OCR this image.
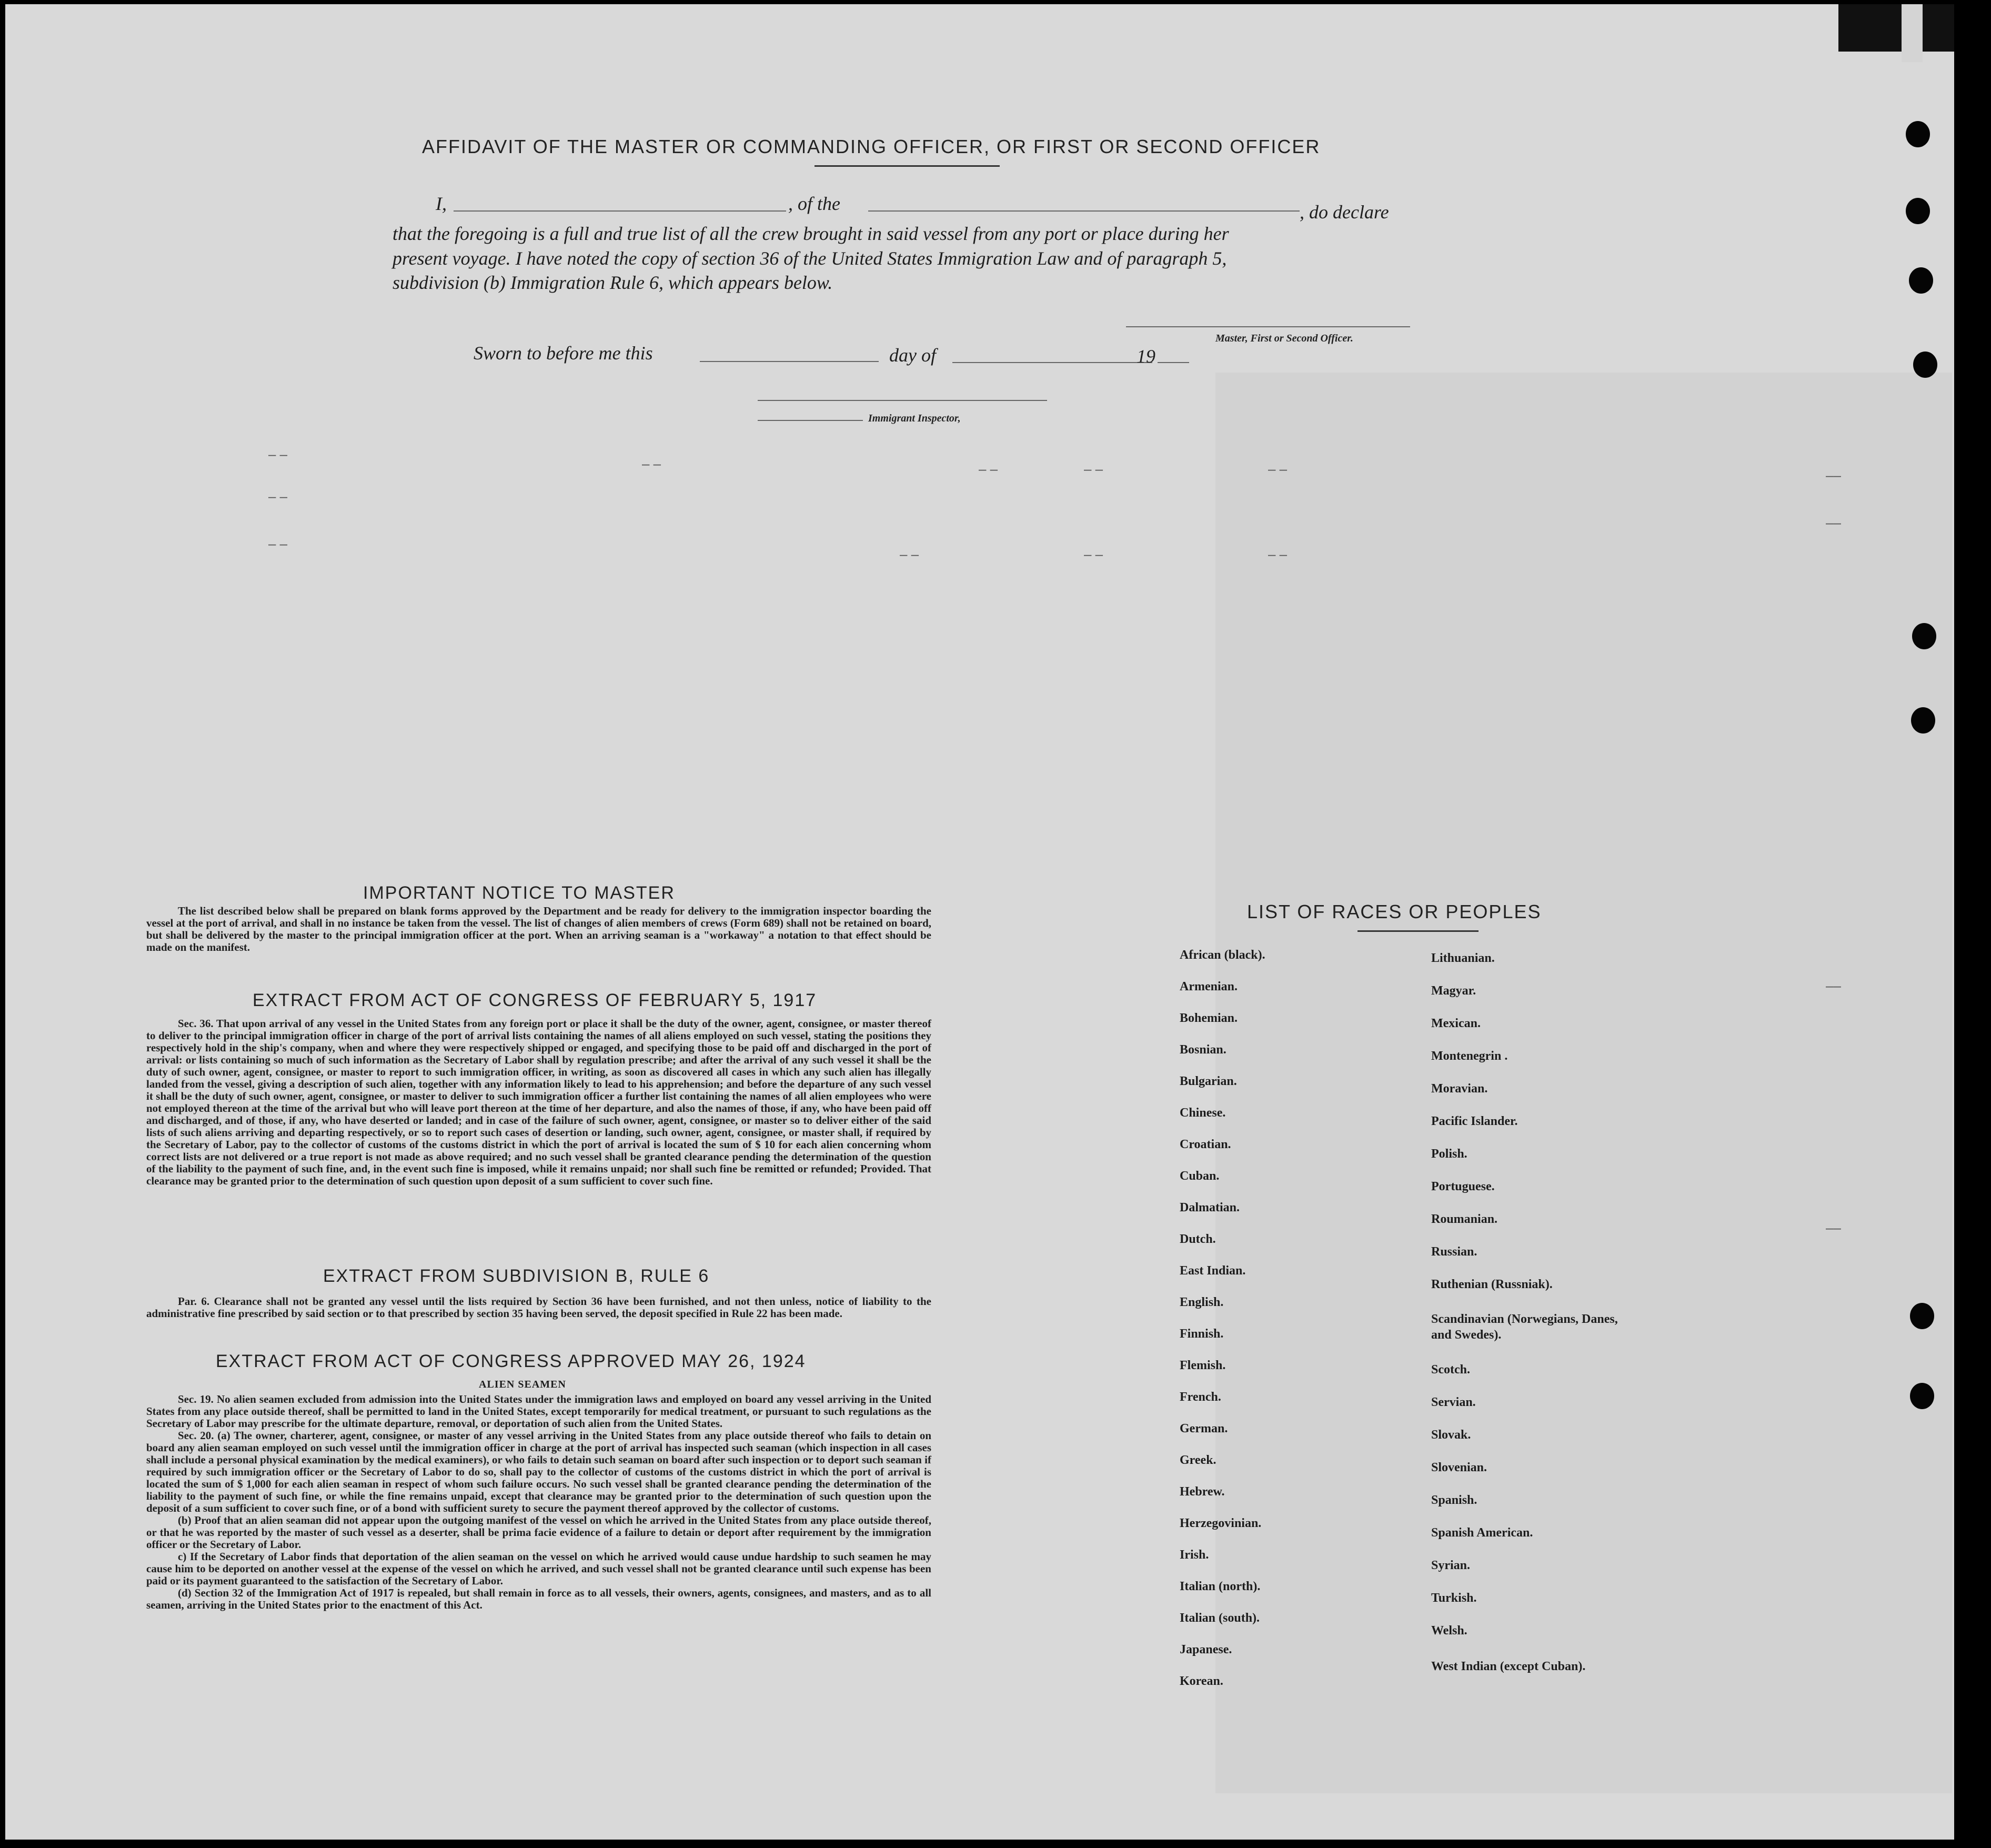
AFFIDAVIT OF THE MASTER OR COMMANDING OFFICER, OR FIRST OR SECOND OFFICER
I,	, of the	, do declare
that the foregoing is a full and true list of all the crew brought in said vessel from any port or place during her
present voyage. I have noted the copy of section 36 of the United States Immigration Law and of paragraph 5,
subdivision (b) Immigration Rule 6, which appears below.
Master, First or Second Officer.
Sworn to before me this	day of	19
Immigrant Inspector,
– –
– –
– –
– –	– –	– –	– –
– –	– –	– –
––
––
––
––
IMPORTANT NOTICE TO MASTER

The list described below shall be prepared on blank forms approved by the Department and be ready for delivery to the immigration inspector boarding the vessel at the port of arrival, and shall in no instance be taken from the vessel. The list of changes of alien members of crews (Form 689) shall not be retained on board, but shall be delivered by the master to the principal immigration officer at the port. When an arriving seaman is a "workaway" a notation to that effect should be made on the manifest.

EXTRACT FROM ACT OF CONGRESS OF FEBRUARY 5, 1917

Sec. 36. That upon arrival of any vessel in the United States from any foreign port or place it shall be the duty of the owner, agent, consignee, or master thereof to deliver to the principal immigration officer in charge of the port of arrival lists containing the names of all aliens employed on such vessel, stating the positions they respectively hold in the ship's company, when and where they were respectively shipped or engaged, and specifying those to be paid off and discharged in the port of arrival: or lists containing so much of such information as the Secretary of Labor shall by regulation prescribe; and after the arrival of any such vessel it shall be the duty of such owner, agent, consignee, or master to report to such immigration officer, in writing, as soon as discovered all cases in which any such alien has illegally landed from the vessel, giving a description of such alien, together with any information likely to lead to his apprehension; and before the departure of any such vessel it shall be the duty of such owner, agent, consignee, or master to deliver to such immigration officer a further list containing the names of all alien employees who were not employed thereon at the time of the arrival but who will leave port thereon at the time of her departure, and also the names of those, if any, who have been paid off and discharged, and of those, if any, who have deserted or landed; and in case of the failure of such owner, agent, consignee, or master so to deliver either of the said lists of such aliens arriving and departing respectively, or so to report such cases of desertion or landing, such owner, agent, consignee, or master shall, if required by the Secretary of Labor, pay to the collector of customs of the customs district in which the port of arrival is located the sum of $ 10 for each alien concerning whom correct lists are not delivered or a true report is not made as above required; and no such vessel shall be granted clearance pending the determination of the question of the liability to the payment of such fine, and, in the event such fine is imposed, while it remains unpaid; nor shall such fine be remitted or refunded; Provided. That clearance may be granted prior to the determination of such question upon deposit of a sum sufficient to cover such fine.

EXTRACT FROM SUBDIVISION B, RULE 6

Par. 6. Clearance shall not be granted any vessel until the lists required by Section 36 have been furnished, and not then unless, notice of liability to the administrative fine prescribed by said section or to that prescribed by section 35 having been served, the deposit specified in Rule 22 has been made.

EXTRACT FROM ACT OF CONGRESS APPROVED MAY 26, 1924
ALIEN SEAMEN

Sec. 19. No alien seamen excluded from admission into the United States under the immigration laws and employed on board any vessel arriving in the United States from any place outside thereof, shall be permitted to land in the United States, except temporarily for medical treatment, or pursuant to such regulations as the Secretary of Labor may prescribe for the ultimate departure, removal, or deportation of such alien from the United States.

Sec. 20. (a) The owner, charterer, agent, consignee, or master of any vessel arriving in the United States from any place outside thereof who fails to detain on board any alien seaman employed on such vessel until the immigration officer in charge at the port of arrival has inspected such seaman (which inspection in all cases shall include a personal physical examination by the medical examiners), or who fails to detain such seaman on board after such inspection or to deport such seaman if required by such immigration officer or the Secretary of Labor to do so, shall pay to the collector of customs of the customs district in which the port of arrival is located the sum of $ 1,000 for each alien seaman in respect of whom such failure occurs. No such vessel shall be granted clearance pending the determination of the liability to the payment of such fine, or while the fine remains unpaid, except that clearance may be granted prior to the determination of such question upon the deposit of a sum sufficient to cover such fine, or of a bond with sufficient surety to secure the payment thereof approved by the collector of customs.

(b) Proof that an alien seaman did not appear upon the outgoing manifest of the vessel on which he arrived in the United States from any place outside thereof, or that he was reported by the master of such vessel as a deserter, shall be prima facie evidence of a failure to detain or deport after requirement by the immigration officer or the Secretary of Labor.

c) If the Secretary of Labor finds that deportation of the alien seaman on the vessel on which he arrived would cause undue hardship to such seamen he may cause him to be deported on another vessel at the expense of the vessel on which he arrived, and such vessel shall not be granted clearance until such expense has been paid or its payment guaranteed to the satisfaction of the Secretary of Labor.

(d) Section 32 of the Immigration Act of 1917 is repealed, but shall remain in force as to all vessels, their owners, agents, consignees, and masters, and as to all seamen, arriving in the United States prior to the enactment of this Act.

LIST OF RACES OR PEOPLES
African (black).
Armenian.
Bohemian.
Bosnian.
Bulgarian.
Chinese.
Croatian.
Cuban.
Dalmatian.
Dutch.
East Indian.
English.
Finnish.
Flemish.
French.
German.
Greek.
Hebrew.
Herzegovinian.
Irish.
Italian (north).
Italian (south).
Japanese.
Korean.
Lithuanian.
Magyar.
Mexican.
Montenegrin .
Moravian.
Pacific Islander.
Polish.
Portuguese.
Roumanian.
Russian.
Ruthenian (Russniak).
Scandinavian (Norwegians, Danes, and Swedes).
Scotch.
Servian.
Slovak.
Slovenian.
Spanish.
Spanish American.
Syrian.
Turkish.
Welsh.
West Indian (except Cuban).
